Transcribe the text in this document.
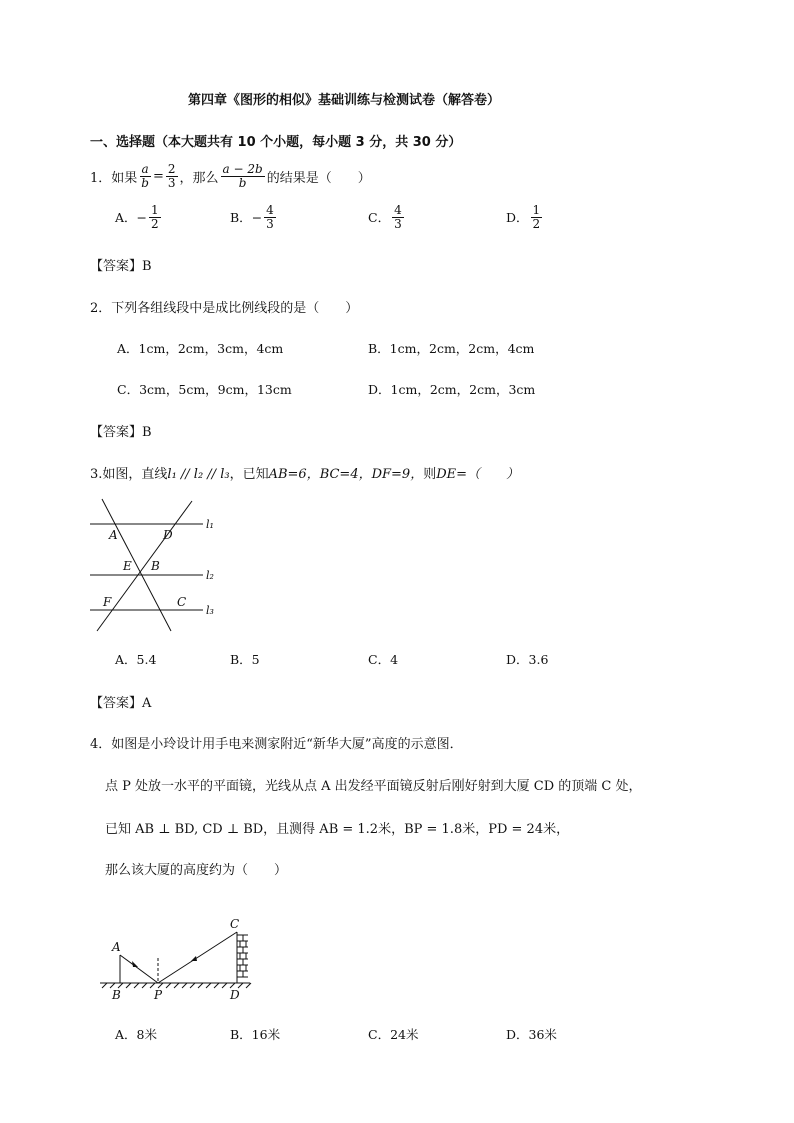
第四章《图形的相似》基础训练与检测试卷（解答卷）
一、选择题（本大题共有 10 个小题，每小题 3 分，共 30 分）
1．如果 $\frac{a}{b} = \frac{2}{3}$ ，那么 $\frac{a - 2b}{b}$ 的结果是（　　）
A． − $\frac{1}{2}$	B． − $\frac{4}{3}$	C． $\frac{4}{3}$	D． $\frac{1}{2}$
【答案】B
2．下列各组线段中是成比例线段的是（　　）
A．1cm，2cm，3cm，4cm	B．1cm，2cm，2cm，4cm
C．3cm，5cm，9cm，13cm	D．1cm，2cm，2cm，3cm
【答案】B
3.如图，直线l₁ // l₂ // l₃，已知AB=6，BC=4，DF=9，则DE=（　　）
A	D
E B
F	C
l₁
l₂
l₃
A．5.4	B．5	C．4	D．3.6
【答案】A
4．如图是小玲设计用手电来测家附近“新华大厦”高度的示意图．
点 P 处放一水平的平面镜，光线从点 A 出发经平面镜反射后刚好射到大厦 CD 的顶端 C 处，
已知 AB ⊥ BD, CD ⊥ BD，且测得 AB = 1.2米，BP = 1.8米，PD = 24米，
那么该大厦的高度约为（　　）
A
B	P
C
D
A．8米	B．16米	C．24米	D．36米
